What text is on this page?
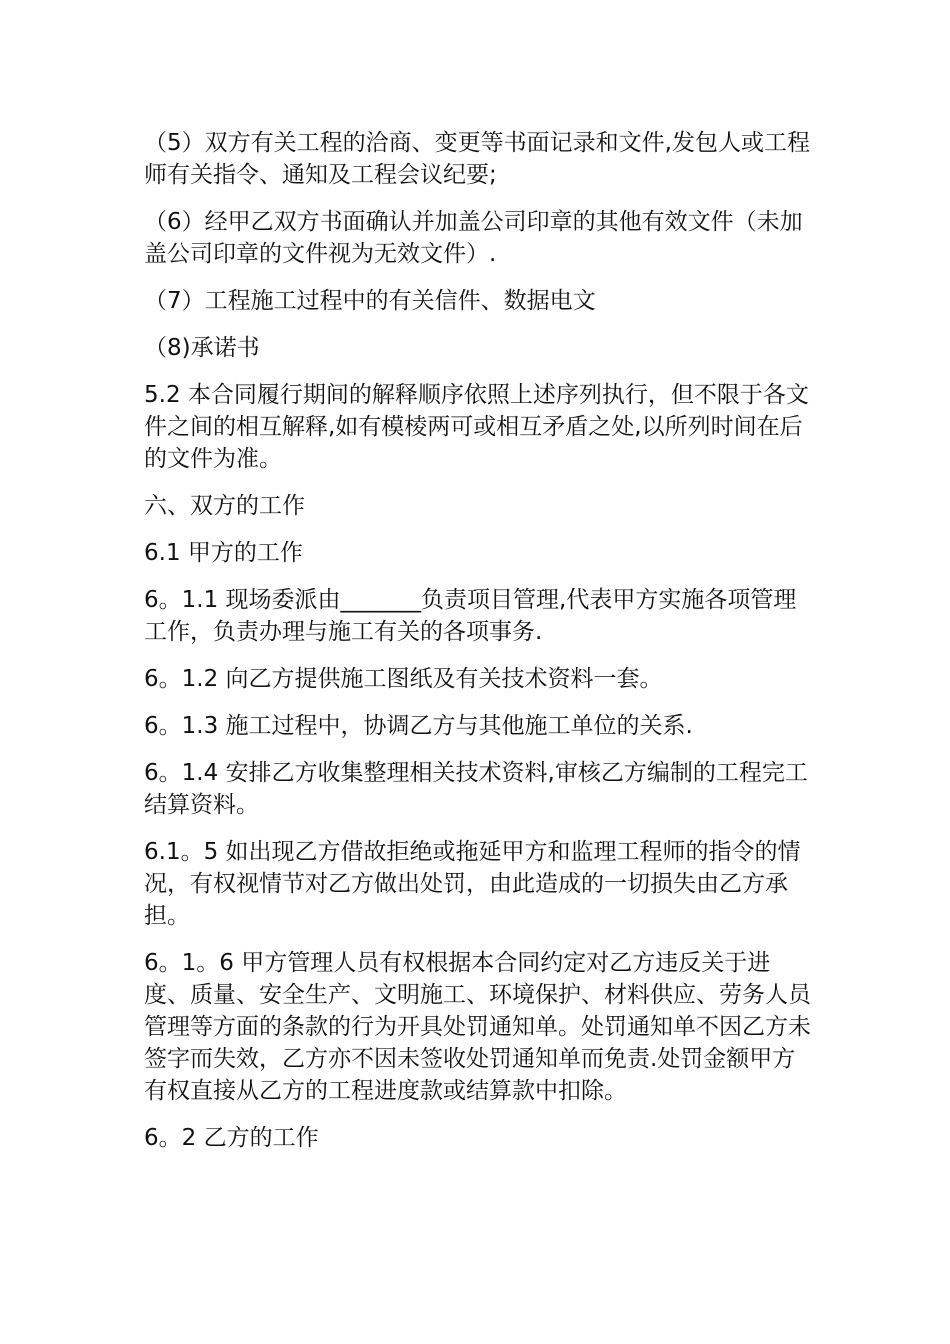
（5）双方有关工程的洽商、变更等书面记录和文件,发包人或工程师有关指令、通知及工程会议纪要;

（6）经甲乙双方书面确认并加盖公司印章的其他有效文件（未加盖公司印章的文件视为无效文件）.

（7）工程施工过程中的有关信件、数据电文

（8)承诺书

5.2 本合同履行期间的解释顺序依照上述序列执行，但不限于各文件之间的相互解释,如有模棱两可或相互矛盾之处,以所列时间在后的文件为准。

六、双方的工作

6.1 甲方的工作

6。1.1 现场委派由_______负责项目管理,代表甲方实施各项管理工作，负责办理与施工有关的各项事务.

6。1.2 向乙方提供施工图纸及有关技术资料一套。

6。1.3 施工过程中，协调乙方与其他施工单位的关系.

6。1.4 安排乙方收集整理相关技术资料,审核乙方编制的工程完工结算资料。

6.1。5 如出现乙方借故拒绝或拖延甲方和监理工程师的指令的情况，有权视情节对乙方做出处罚，由此造成的一切损失由乙方承担。

6。1。6 甲方管理人员有权根据本合同约定对乙方违反关于进度、质量、安全生产、文明施工、环境保护、材料供应、劳务人员管理等方面的条款的行为开具处罚通知单。处罚通知单不因乙方未签字而失效，乙方亦不因未签收处罚通知单而免责.处罚金额甲方有权直接从乙方的工程进度款或结算款中扣除。

6。2 乙方的工作
